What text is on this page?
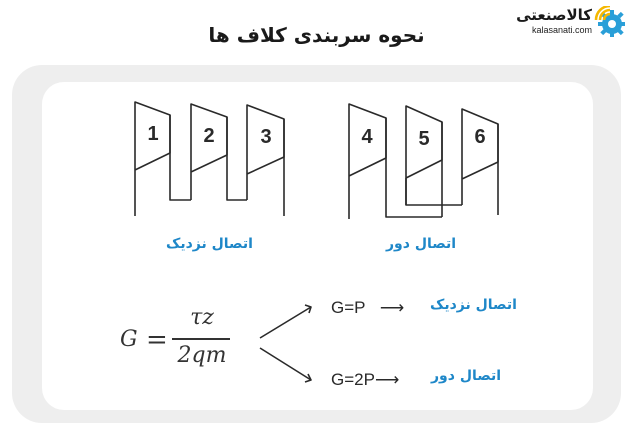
کالاصنعتی
kalasanati.com
نحوه سربندی کلاف ها
1	2	3	4	5	6
اتصال نزدیک	اتصال دور
G =
τz
2qm
G=P ⟶ اتصال نزدیک
G=2P⟶ اتصال دور
